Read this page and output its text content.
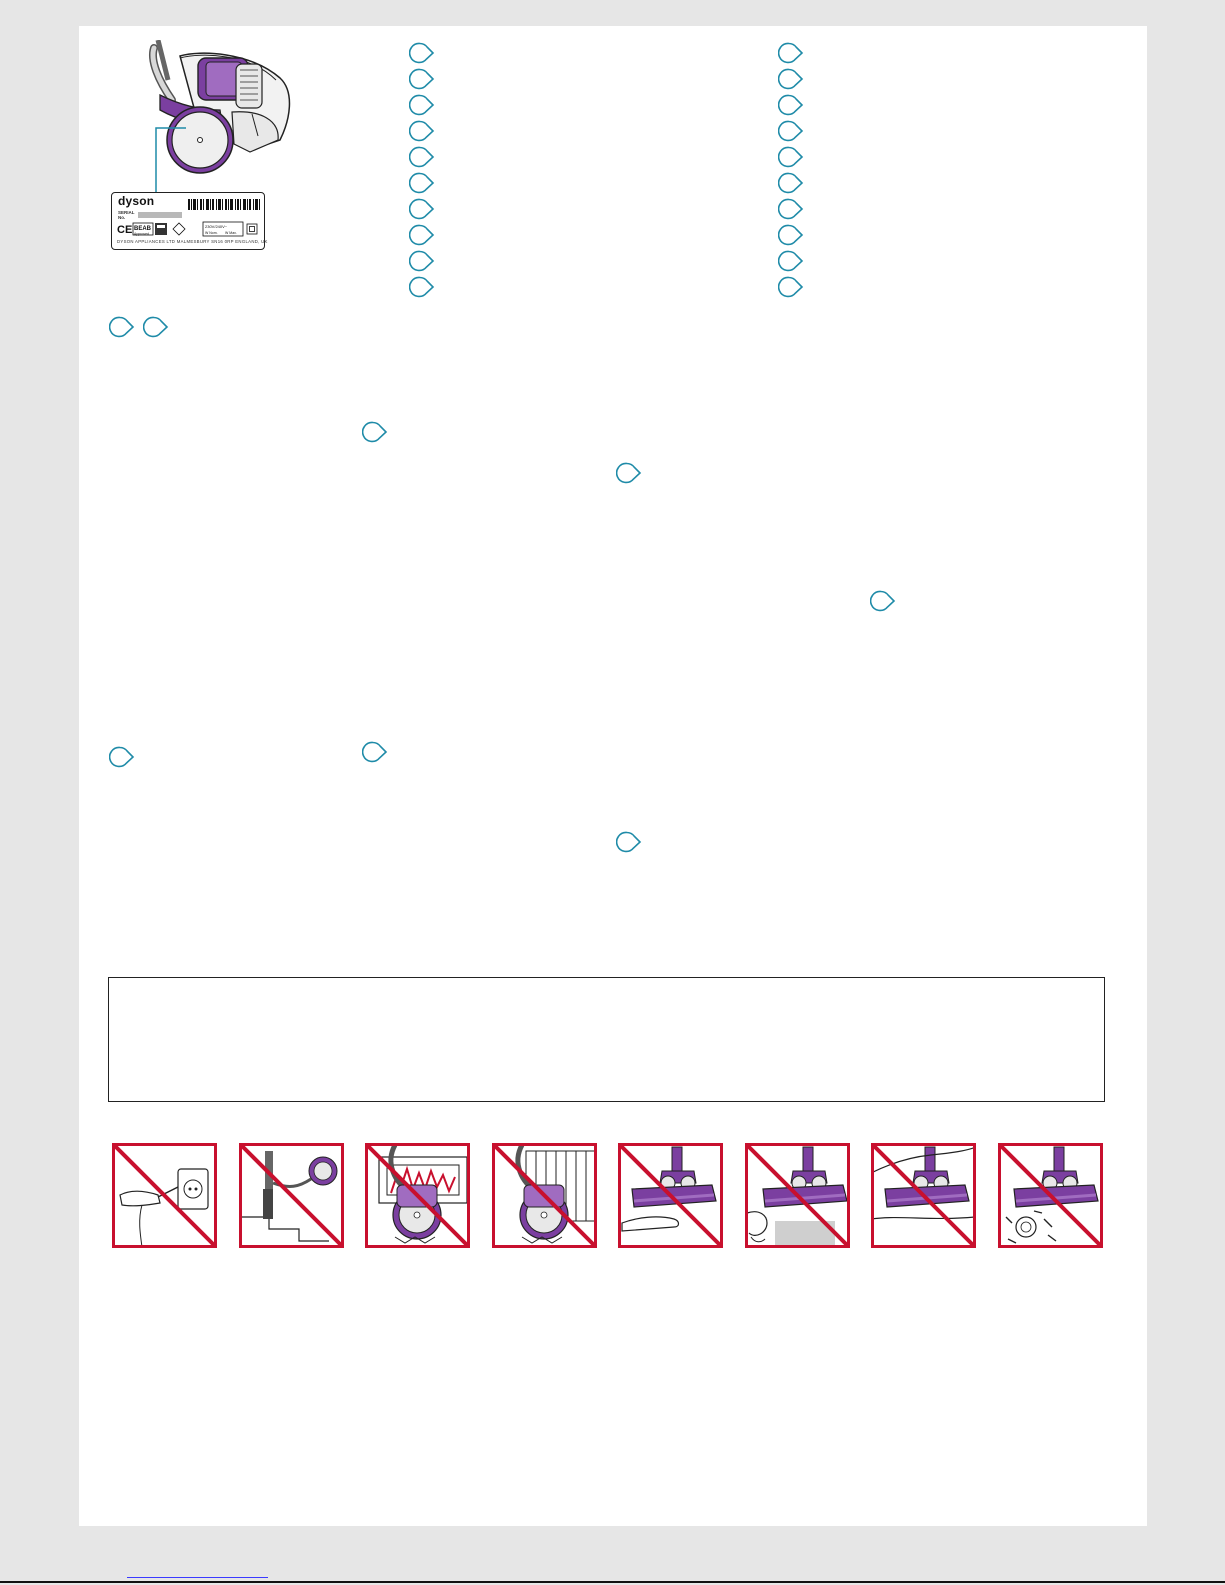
dyson
SERIAL
No.
CE BEAB
Approved
230V/240V~
W Nom. W Max.
DYSON APPLIANCES LTD MALMESBURY SN16 0RP ENGLAND, UK
